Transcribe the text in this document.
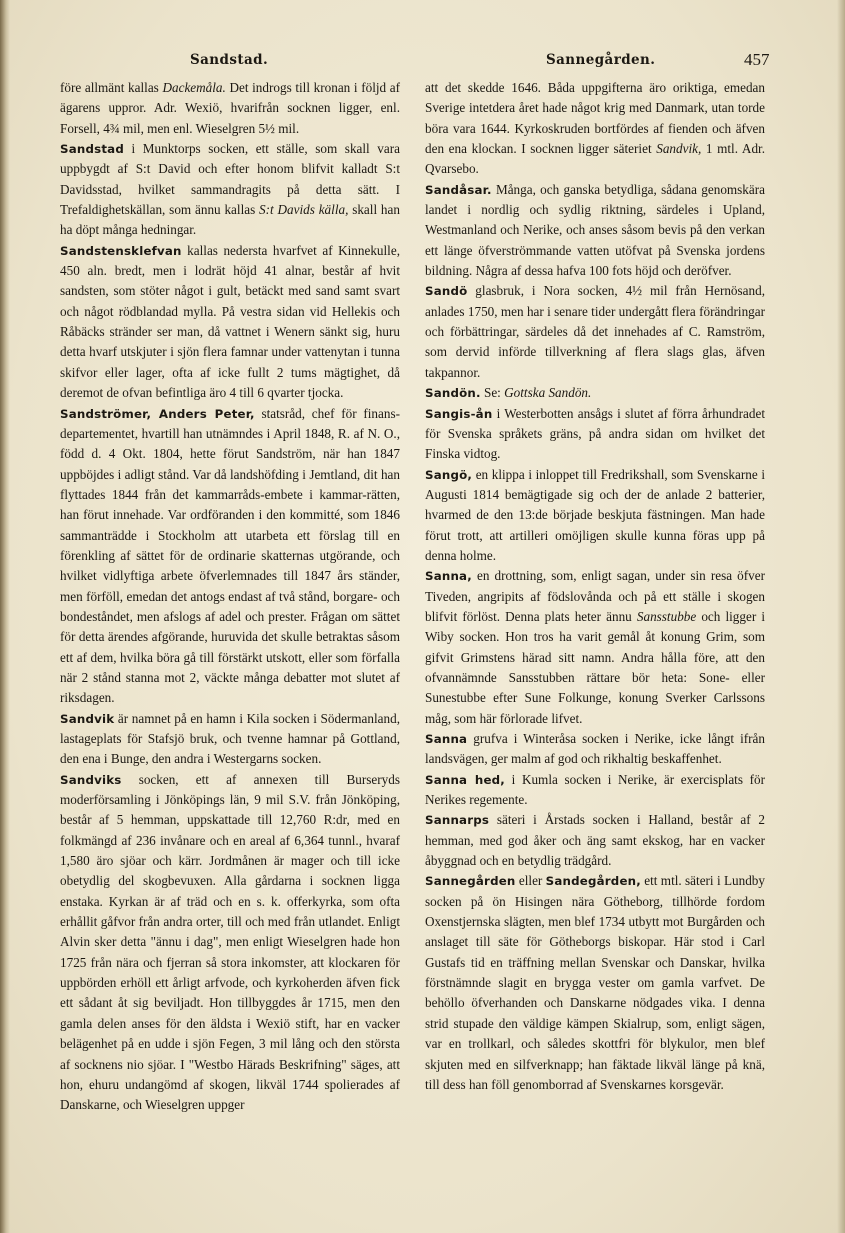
Sandstad.	Sannegården.	457

före allmänt kallas Dackemåla. Det indrogs till kronan i följd af ägarens uppror. Adr. Wexiö, hvarifrån socknen ligger, enl. Forsell, 4¾ mil, men enl. Wieselgren 5½ mil.

Sandstad i Munktorps socken, ett ställe, som skall vara uppbygdt af S:t David och efter honom blifvit kalladt S:t Davidsstad, hvilket sammandragits på detta sätt. I Trefaldighetskällan, som ännu kallas S:t Davids källa, skall han ha döpt många hedningar.

Sandstensklefvan kallas nedersta hvarfvet af Kinnekulle, 450 aln. bredt, men i lodrät höjd 41 alnar, består af hvit sandsten, som stöter något i gult, betäckt med sand samt svart och något rödblandad mylla. På vestra sidan vid Hellekis och Råbäcks stränder ser man, då vattnet i Wenern sänkt sig, huru detta hvarf utskjuter i sjön flera famnar under vattenytan i tunna skifvor eller lager, ofta af icke fullt 2 tums mägtighet, då deremot de ofvan befintliga äro 4 till 6 qvarter tjocka.

Sandströmer, Anders Peter, statsråd, chef för finans-departementet, hvartill han utnämndes i April 1848, R. af N. O., född d. 4 Okt. 1804, hette förut Sandström, när han 1847 uppböjdes i adligt stånd. Var då landshöfding i Jemtland, dit han flyttades 1844 från det kammarråds-embete i kammar-rätten, han förut innehade. Var ordföranden i den kommitté, som 1846 sammanträdde i Stockholm att utarbeta ett förslag till en förenkling af sättet för de ordinarie skatternas utgörande, och hvilket vidlyftiga arbete öfverlemnades till 1847 års ständer, men förföll, emedan det antogs endast af två stånd, borgare- och bondeståndet, men afslogs af adel och prester. Frågan om sättet för detta ärendes afgörande, huruvida det skulle betraktas såsom ett af dem, hvilka böra gå till förstärkt utskott, eller som förfalla när 2 stånd stanna mot 2, väckte många debatter mot slutet af riksdagen.

Sandvik är namnet på en hamn i Kila socken i Södermanland, lastageplats för Stafsjö bruk, och tvenne hamnar på Gottland, den ena i Bunge, den andra i Westergarns socken.

Sandviks socken, ett af annexen till Burseryds moderförsamling i Jönköpings län, 9 mil S.V. från Jönköping, består af 5 hemman, uppskattade till 12,760 R:dr, med en folkmängd af 236 invånare och en areal af 6,364 tunnl., hvaraf 1,580 äro sjöar och kärr. Jordmånen är mager och till icke obetydlig del skogbevuxen. Alla gårdarna i socknen ligga enstaka. Kyrkan är af träd och en s. k. offerkyrka, som ofta erhållit gåfvor från andra orter, till och med från utlandet. Enligt Alvin sker detta "ännu i dag", men enligt Wieselgren hade hon 1725 från nära och fjerran så stora inkomster, att klockaren för uppbörden erhöll ett årligt arfvode, och kyrkoherden äfven fick ett sådant åt sig beviljadt. Hon tillbyggdes år 1715, men den gamla delen anses för den äldsta i Wexiö stift, har en vacker belägenhet på en udde i sjön Fegen, 3 mil lång och den största af socknens nio sjöar. I "Westbo Härads Beskrifning" säges, att hon, ehuru undangömd af skogen, likväl 1744 spolierades af Danskarne, och Wieselgren uppger

att det skedde 1646. Båda uppgifterna äro oriktiga, emedan Sverige intetdera året hade något krig med Danmark, utan torde böra vara 1644. Kyrkoskruden bortfördes af fienden och äfven den ena klockan. I socknen ligger säteriet Sandvik, 1 mtl. Adr. Qvarsebo.

Sandåsar. Många, och ganska betydliga, sådana genomskära landet i nordlig och sydlig riktning, särdeles i Upland, Westmanland och Nerike, och anses såsom bevis på den verkan ett länge öfverströmmande vatten utöfvat på Svenska jordens bildning. Några af dessa hafva 100 fots höjd och deröfver.

Sandö glasbruk, i Nora socken, 4½ mil från Hernösand, anlades 1750, men har i senare tider undergått flera förändringar och förbättringar, särdeles då det innehades af C. Ramström, som dervid införde tillverkning af flera slags glas, äfven takpannor.

Sandön. Se: Gottska Sandön.

Sangis-ån i Westerbotten ansågs i slutet af förra århundradet för Svenska språkets gräns, på andra sidan om hvilket det Finska vidtog.

Sangö, en klippa i inloppet till Fredrikshall, som Svenskarne i Augusti 1814 bemägtigade sig och der de anlade 2 batterier, hvarmed de den 13:de började beskjuta fästningen. Man hade förut trott, att artilleri omöjligen skulle kunna föras upp på denna holme.

Sanna, en drottning, som, enligt sagan, under sin resa öfver Tiveden, angripits af födslovånda och på ett ställe i skogen blifvit förlöst. Denna plats heter ännu Sansstubbe och ligger i Wiby socken. Hon tros ha varit gemål åt konung Grim, som gifvit Grimstens härad sitt namn. Andra hålla före, att den ofvannämnde Sansstubben rättare bör heta: Sone- eller Sunestubbe efter Sune Folkunge, konung Sverker Carlssons måg, som här förlorade lifvet.

Sanna grufva i Winteråsa socken i Nerike, icke långt ifrån landsvägen, ger malm af god och rikhaltig beskaffenhet.

Sanna hed, i Kumla socken i Nerike, är exercisplats för Nerikes regemente.

Sannarps säteri i Årstads socken i Halland, består af 2 hemman, med god åker och äng samt ekskog, har en vacker åbyggnad och en betydlig trädgård.

Sannegården eller Sandegården, ett mtl. säteri i Lundby socken på ön Hisingen nära Götheborg, tillhörde fordom Oxenstjernska slägten, men blef 1734 utbytt mot Burgården och anslaget till säte för Götheborgs biskopar. Här stod i Carl Gustafs tid en träffning mellan Svenskar och Danskar, hvilka förstnämnde slagit en brygga vester om gamla varfvet. De behöllo öfverhanden och Danskarne nödgades vika. I denna strid stupade den väldige kämpen Skialrup, som, enligt sägen, var en trollkarl, och således skottfri för blykulor, men blef skjuten med en silfverknapp; han fäktade likväl länge på knä, till dess han föll genomborrad af Svenskarnes korsgevär.
